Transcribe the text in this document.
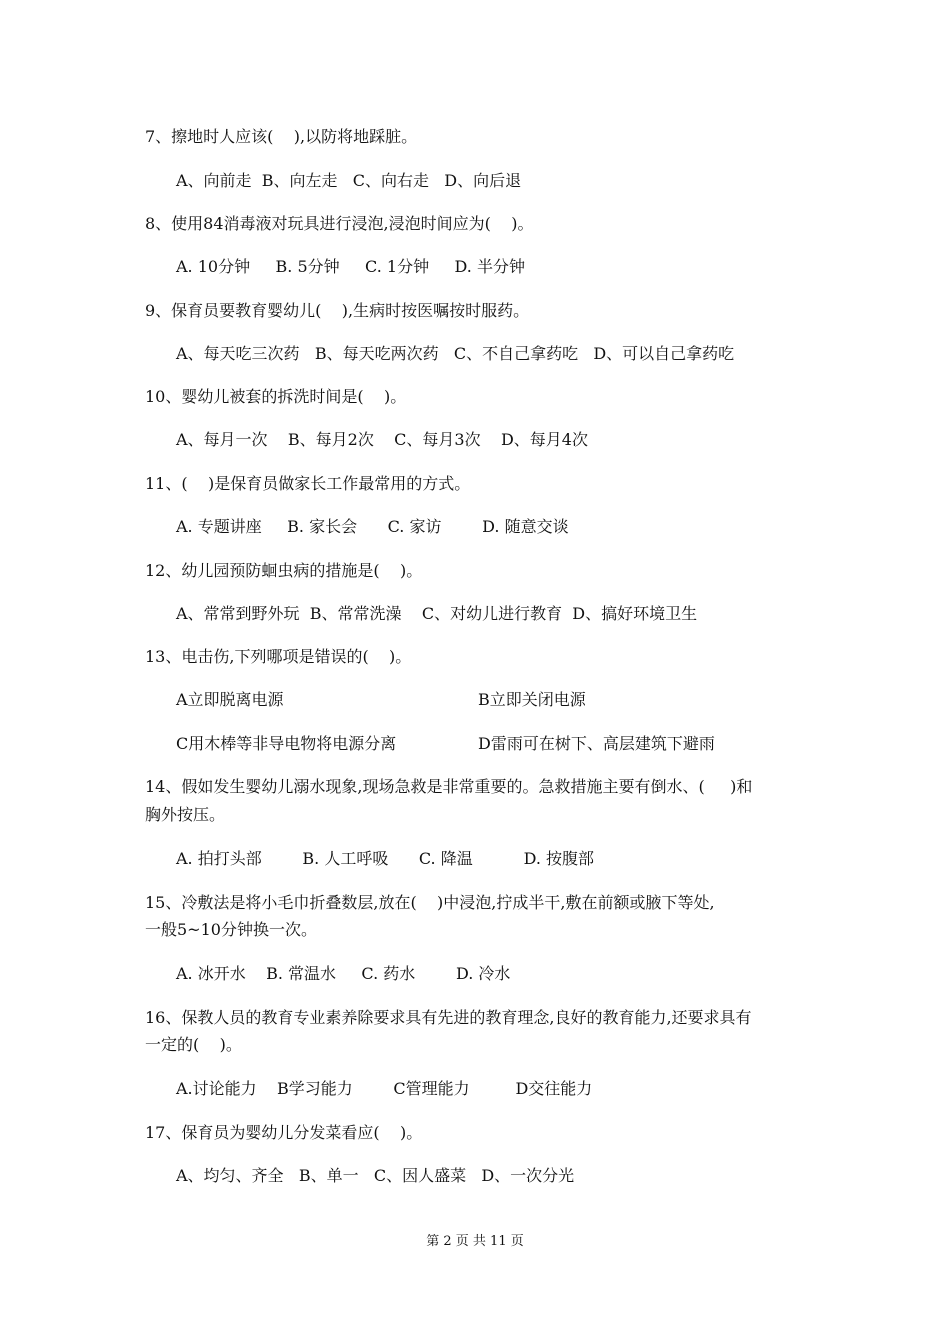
7、擦地时人应该(    ),以防将地踩脏。
A、向前走  B、向左走   C、向右走   D、向后退
8、使用84消毒液对玩具进行浸泡,浸泡时间应为(    )。
A. 10分钟     B. 5分钟     C. 1分钟     D. 半分钟
9、保育员要教育婴幼儿(    ),生病时按医嘱按时服药。
A、每天吃三次药   B、每天吃两次药   C、不自己拿药吃   D、可以自己拿药吃
10、婴幼儿被套的拆洗时间是(    )。
A、每月一次    B、每月2次    C、每月3次    D、每月4次
11、(    )是保育员做家长工作最常用的方式。
A. 专题讲座     B. 家长会      C. 家访        D. 随意交谈
12、幼儿园预防蛔虫病的措施是(    )。
A、常常到野外玩  B、常常洗澡    C、对幼儿进行教育  D、搞好环境卫生
13、电击伤,下列哪项是错误的(    )。
A立即脱离电源	B立即关闭电源
C用木棒等非导电物将电源分离	D雷雨可在树下、高层建筑下避雨
14、假如发生婴幼儿溺水现象,现场急救是非常重要的。急救措施主要有倒水、(     )和
胸外按压。
A. 拍打头部        B. 人工呼吸      C. 降温          D. 按腹部
15、冷敷法是将小毛巾折叠数层,放在(    )中浸泡,拧成半干,敷在前额或腋下等处,
一般5~10分钟换一次。
A. 冰开水    B. 常温水     C. 药水        D. 冷水
16、保教人员的教育专业素养除要求具有先进的教育理念,良好的教育能力,还要求具有
一定的(    )。
A.讨论能力    B学习能力        C管理能力         D交往能力
17、保育员为婴幼儿分发菜看应(    )。
A、均匀、齐全   B、单一   C、因人盛菜   D、一次分光
第 2 页 共 11 页
